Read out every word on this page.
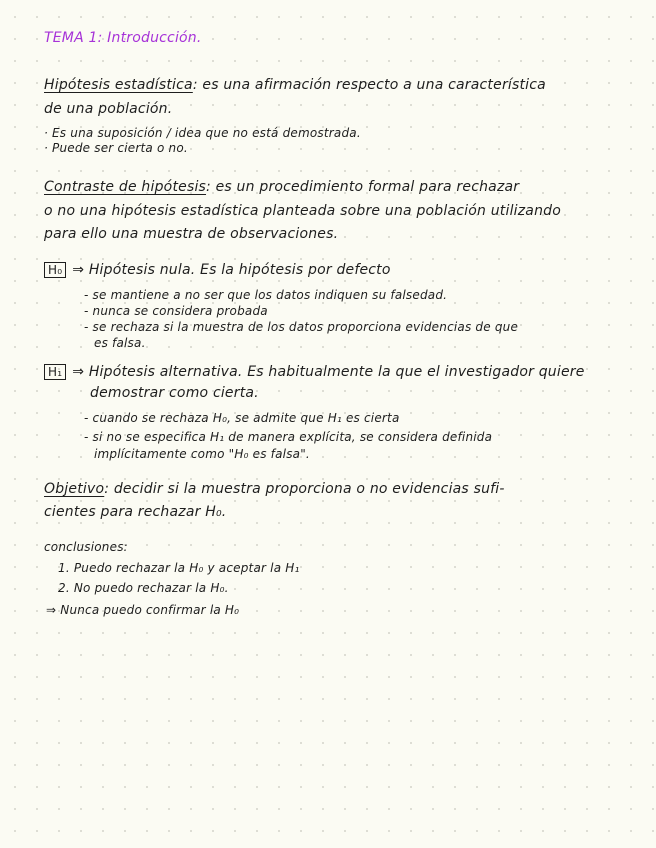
TEMA 1: Introducción.
Hipótesis estadística: es una afirmación respecto a una característica
de una población.
· Es una suposición / idea que no está demostrada.
· Puede ser cierta o no.
Contraste de hipótesis: es un procedimiento formal para rechazar
o no una hipótesis estadística planteada sobre una población utilizando
para ello una muestra de observaciones.
H₀ ⇒ Hipótesis nula. Es la hipótesis por defecto
- se mantiene a no ser que los datos indiquen su falsedad.
- nunca se considera probada
- se rechaza si la muestra de los datos proporciona evidencias de que
es falsa.
H₁ ⇒ Hipótesis alternativa. Es habitualmente la que el investigador quiere
demostrar como cierta.
- cuando se rechaza H₀, se admite que H₁ es cierta
- si no se especifica H₁ de manera explícita, se considera definida
implícitamente como "H₀ es falsa".
Objetivo: decidir si la muestra proporciona o no evidencias sufi-
cientes para rechazar H₀.
conclusiones:
1. Puedo rechazar la H₀ y aceptar la H₁
2. No puedo rechazar la H₀.
⇒ Nunca puedo confirmar la H₀
